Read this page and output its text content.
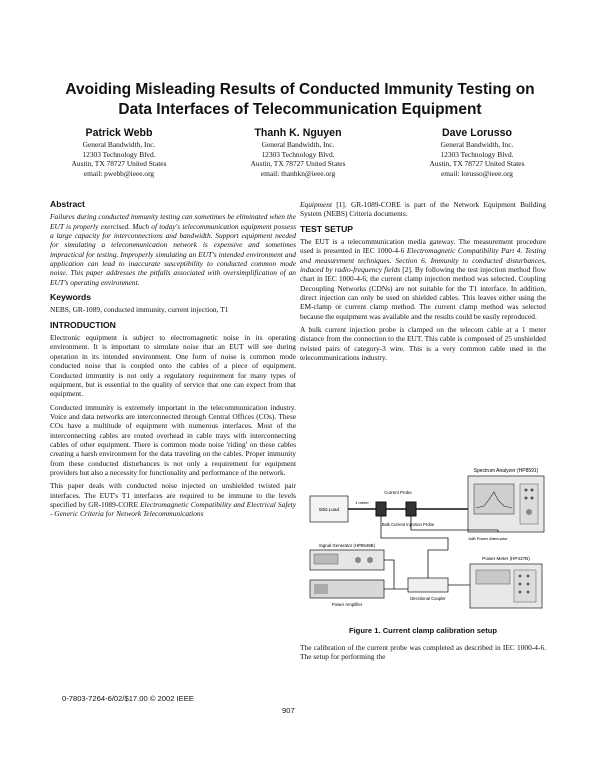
Avoiding Misleading Results of Conducted Immunity Testing on
Data Interfaces of Telecommunication Equipment
Patrick Webb
General Bandwidth, Inc.
12303 Technology Blvd.
Austin, TX 78727 United States
email: pwebb@ieee.org
Thanh K. Nguyen
General Bandwidth, Inc.
12303 Technology Blvd.
Austin, TX 78727 United States
email: thanhkn@ieee.org
Dave Lorusso
General Bandwidth, Inc.
12303 Technology Blvd.
Austin, TX 78727 United States
email: lorusso@ieee.org
Abstract

Failures during conducted immunity testing can sometimes be eliminated when the EUT is properly exercised. Much of today's telecommunication equipment possess a large capacity for interconnections and bandwidth. Support equipment needed for simulating a telecommunication network is expensive and sometimes impractical for testing. Improperly simulating an EUT's intended environment and application can lead to inaccurate susceptibility to conducted common mode noise. This paper addresses the pitfalls associated with oversimplification of an EUT's operating environment.

Keywords

NEBS, GR-1089, conducted immunity, current injection, T1

INTRODUCTION

Electronic equipment is subject to electromagnetic noise in its operating environment. It is important to simulate noise that an EUT will see during operation in its intended environment. One form of noise is common mode conducted noise that is coupled onto the cables of a piece of equipment. Conducted immunity is not only a regulatory requirement for many types of equipment, but is essential to the quality of service that one can expect from that equipment.

Conducted immunity is extremely important in the telecommunication industry. Voice and data networks are interconnected through Central Offices (COs). These COs have a multitude of equipment with numerous interfaces. Most of the interconnecting cables are routed overhead in cable trays with interconnecting cables of other equipment. There is common mode noise 'riding' on these cables creating a harsh environment for the data traveling on the cables. Proper immunity from these conducted disturbances is not only a requirement for equipment providers but also a necessity for functionality and performance of the network.

This paper deals with conducted noise injected on unshielded twisted pair interfaces. The EUT's T1 interfaces are required to be immune to the levels specified by GR-1089-CORE Electromagnetic Compatibility and Electrical Safety - Generic Criteria for Network Telecommunications

Equipment [1]. GR-1089-CORE is part of the Network Equipment Building System (NEBS) Criteria documents.

TEST SETUP

The EUT is a telecommunication media gateway. The measurement procedure used is presented in IEC 1000-4-6 Electromagnetic Compatibility Part 4. Testing and measurement techniques. Section 6. Immunity to conducted disturbances, induced by radio-frequency fields [2]. By following the test injection method flow chart in IEC 1000-4-6, the current clamp injection method was selected. Coupling Decoupling Networks (CDNs) are not suitable for the T1 interface. In addition, direct injection can only be used on shielded cables. This leaves either using the EM-clamp or current clamp method. The current clamp method was selected because the equipment was available and the results could be easily reproduced.

A bulk current injection probe is clamped on the telecom cable at a 1 meter distance from the connection to the EUT. This cable is composed of 25 unshielded twisted pairs of category-3 wire. This is a very common cable used in the telecommunications industry.

Spectrum Analyzer (HP8591)
50Ω Load
Current Probe
Bulk Current Injection Probe
1 meter
6dB Power Attenuator
Signal Generator (HP8648B)
Power Amplifier
Directional Coupler
Power Meter (HP437B)
Figure 1. Current clamp calibration setup

The calibration of the current probe was completed as described in IEC 1000-4-6. The setup for performing the

0-7803-7264-6/02/$17.00 © 2002 IEEE
907
